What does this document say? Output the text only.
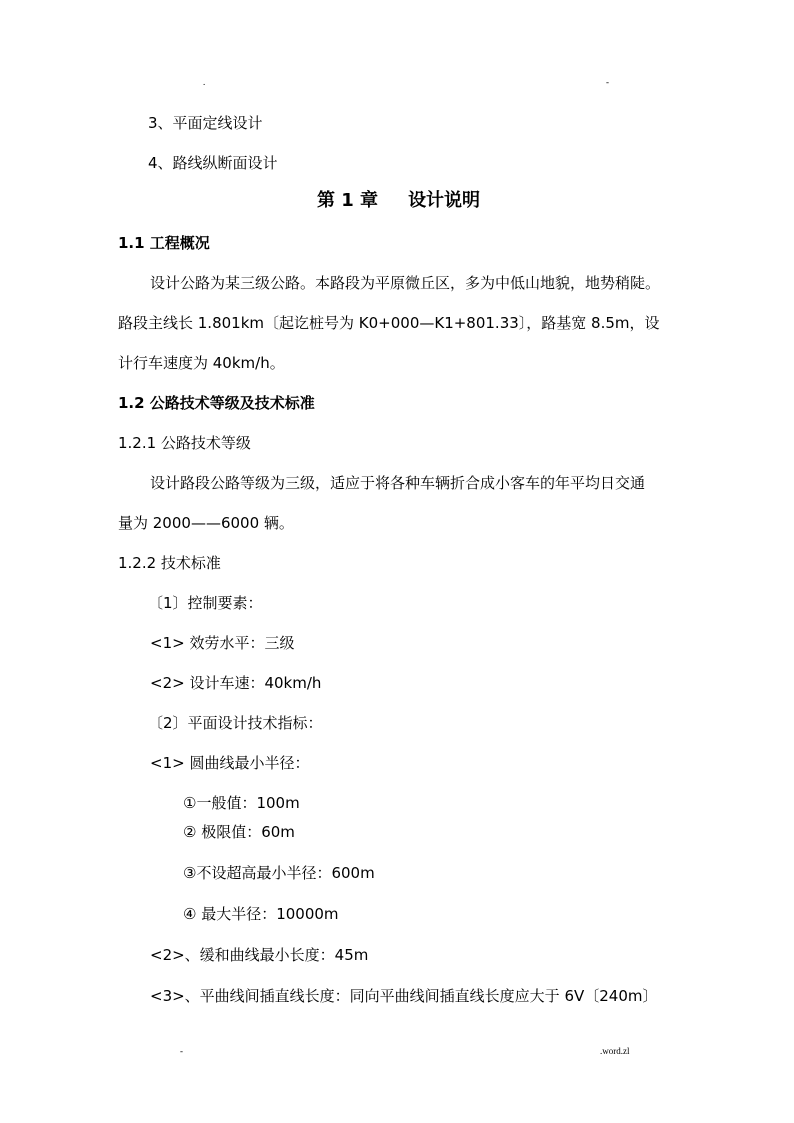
.	-
3、平面定线设计
4、路线纵断面设计
第 1 章 设计说明
1.1 工程概况
设计公路为某三级公路。本路段为平原微丘区，多为中低山地貌，地势稍陡。
路段主线长 1.801km〔起讫桩号为 K0+000—K1+801.33〕，路基宽 8.5m，设
计行车速度为 40km/h。
1.2 公路技术等级及技术标准
1.2.1 公路技术等级
设计路段公路等级为三级，适应于将各种车辆折合成小客车的年平均日交通
量为 2000——6000 辆。
1.2.2 技术标准
〔1〕控制要素：
<1> 效劳水平：三级
<2> 设计车速：40km/h
〔2〕平面设计技术指标：
<1> 圆曲线最小半径：
①一般值：100m
② 极限值：60m
③不设超高最小半径：600m
④ 最大半径：10000m
<2>、缓和曲线最小长度：45m
<3>、平曲线间插直线长度：同向平曲线间插直线长度应大于 6V〔240m〕
-	.word.zl
